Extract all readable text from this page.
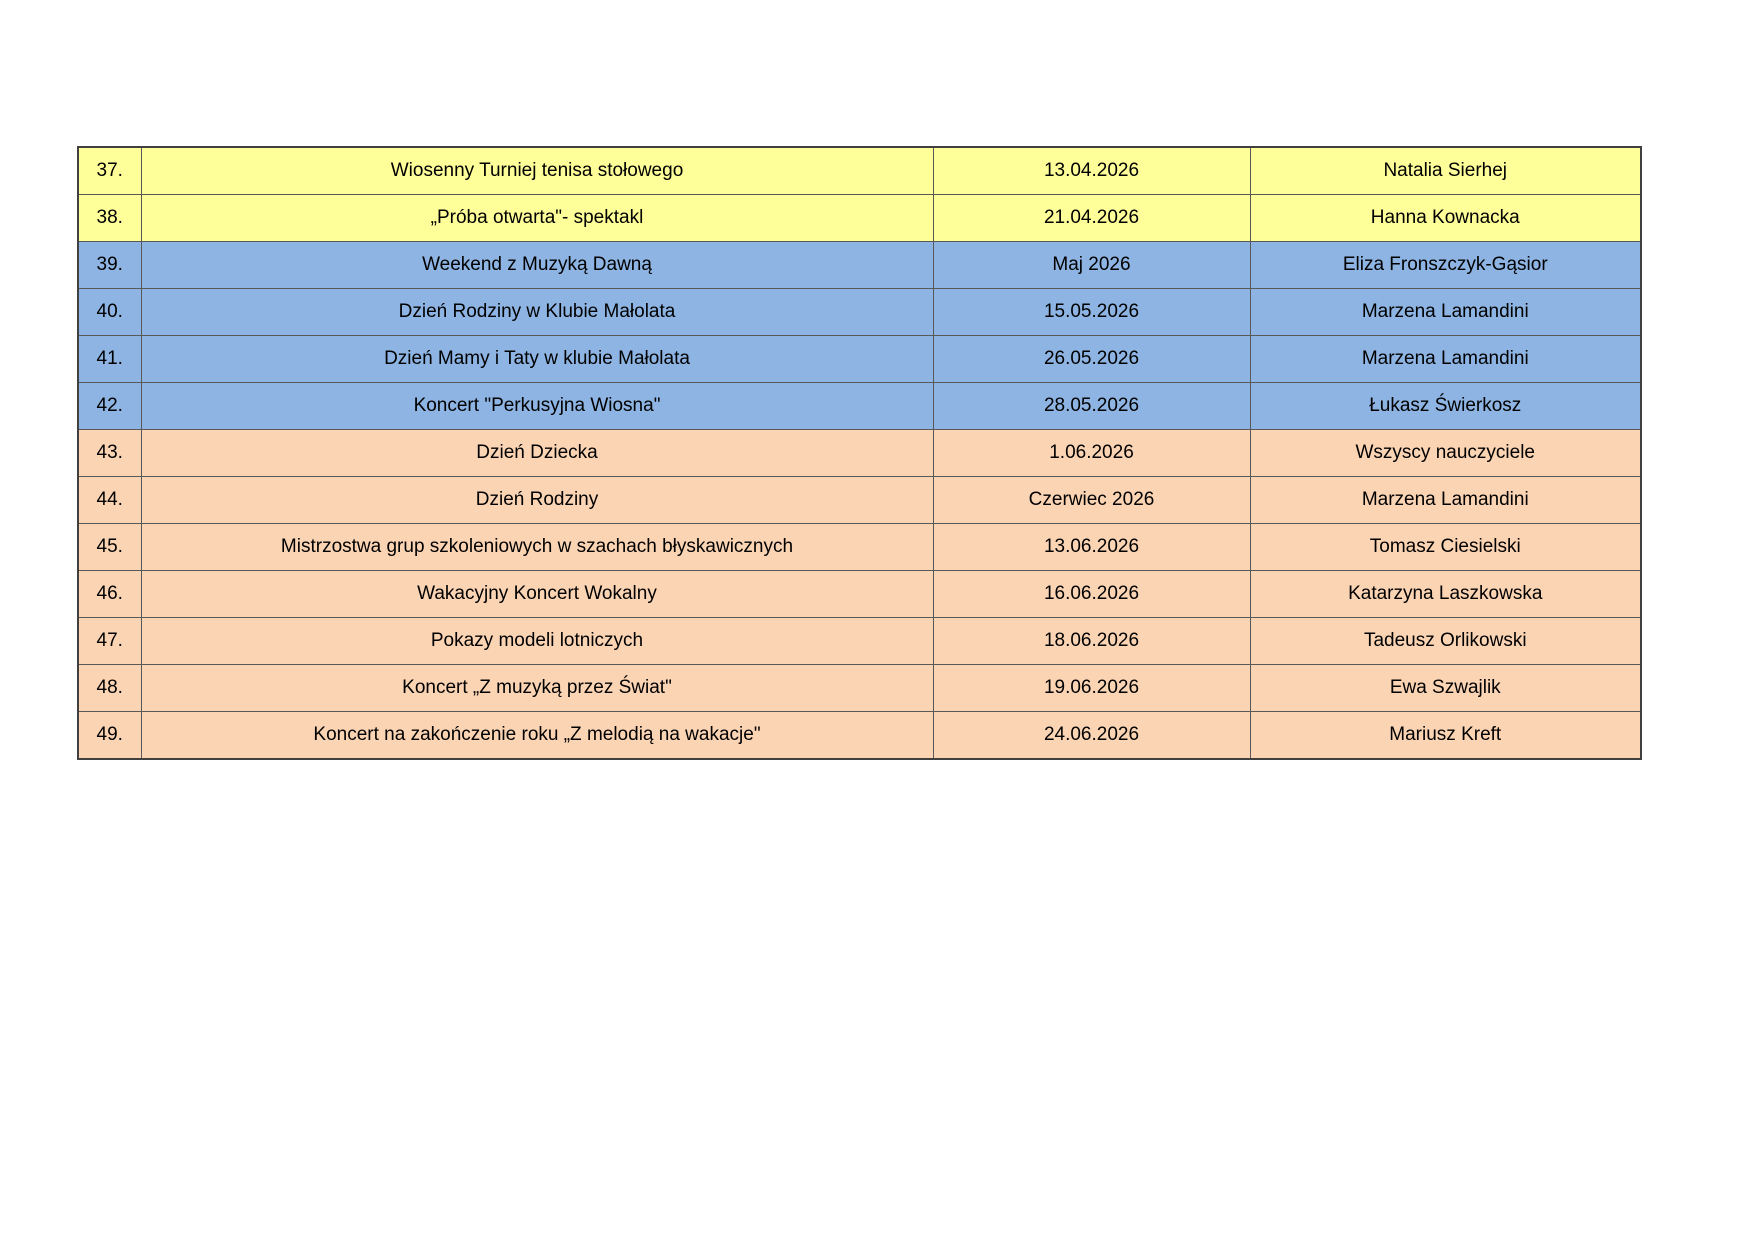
37.	Wiosenny Turniej tenisa stołowego	13.04.2026	Natalia Sierhej
38.	„Próba otwarta"- spektakl	21.04.2026	Hanna Kownacka
39.	Weekend z Muzyką Dawną	Maj 2026	Eliza Fronszczyk-Gąsior
40.	Dzień Rodziny w Klubie Małolata	15.05.2026	Marzena Lamandini
41.	Dzień Mamy i Taty w klubie Małolata	26.05.2026	Marzena Lamandini
42.	Koncert "Perkusyjna Wiosna"	28.05.2026	Łukasz Świerkosz
43.	Dzień Dziecka	1.06.2026	Wszyscy nauczyciele
44.	Dzień Rodziny	Czerwiec 2026	Marzena Lamandini
45.	Mistrzostwa grup szkoleniowych w szachach błyskawicznych	13.06.2026	Tomasz Ciesielski
46.	Wakacyjny Koncert Wokalny	16.06.2026	Katarzyna Laszkowska
47.	Pokazy modeli lotniczych	18.06.2026	Tadeusz Orlikowski
48.	Koncert „Z muzyką przez Świat"	19.06.2026	Ewa Szwajlik
49.	Koncert na zakończenie roku „Z melodią na wakacje"	24.06.2026	Mariusz Kreft
